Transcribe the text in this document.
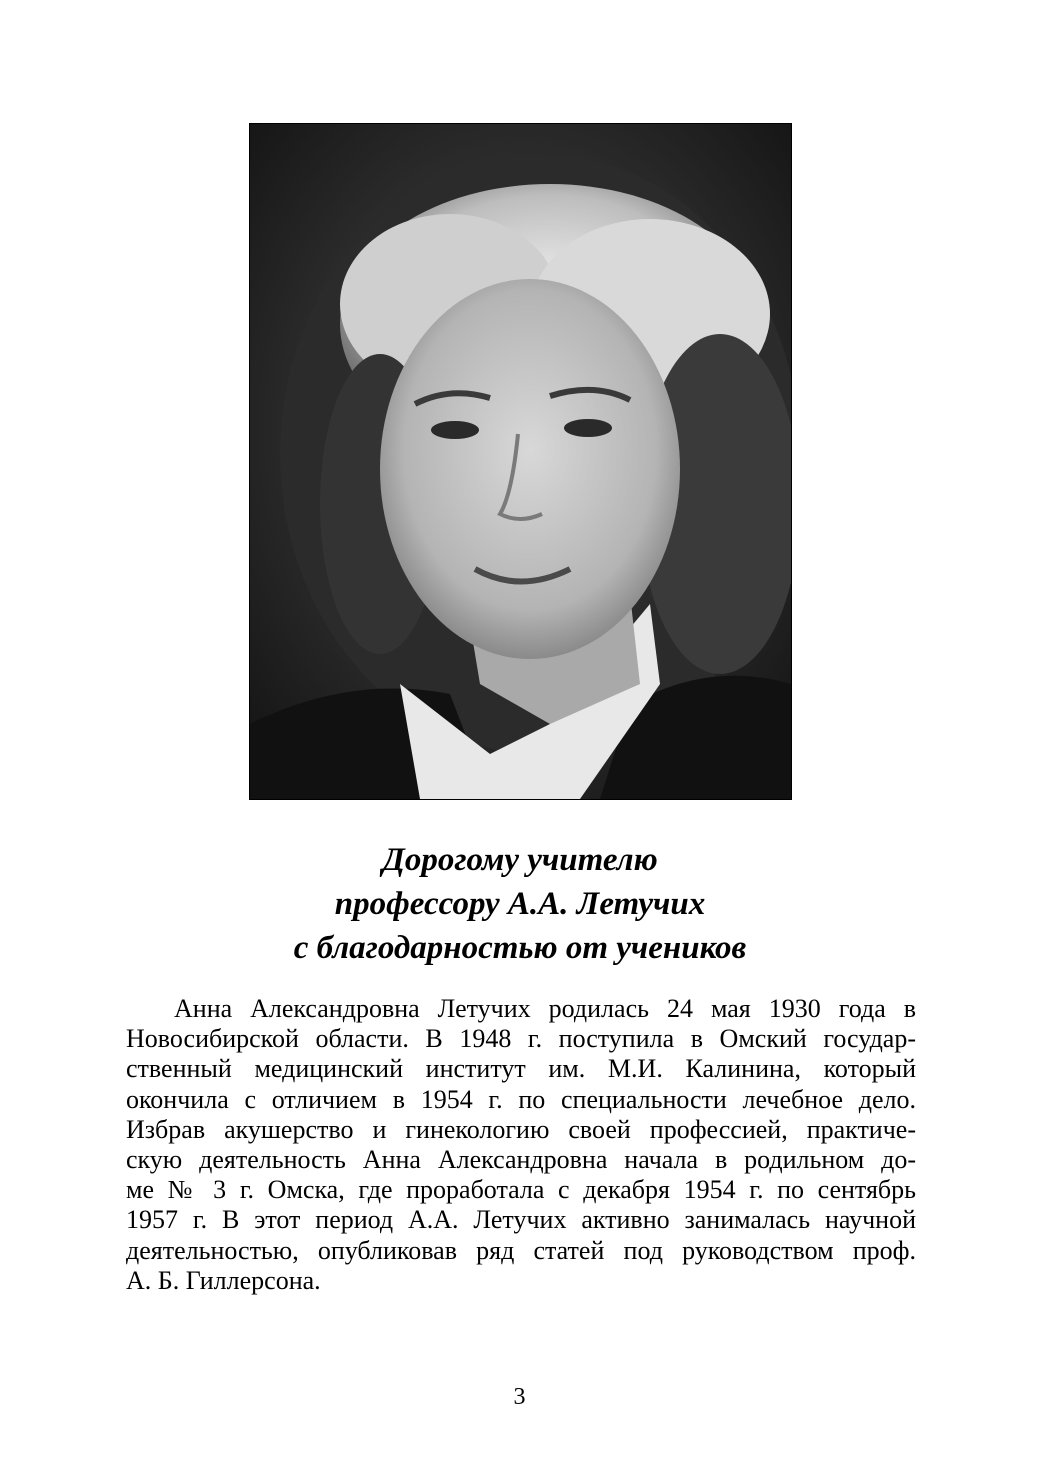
Дорогому учителю
профессору А.А. Летучих
с благодарностью от учеников
Анна Александровна Летучих родилась 24 мая 1930 года в
Новосибирской области. В 1948 г. поступила в Омский государ-
ственный медицинский институт им. М.И. Калинина, который
окончила с отличием в 1954 г. по специальности лечебное дело.
Избрав акушерство и гинекологию своей профессией, практиче-
скую деятельность Анна Александровна начала в родильном до-
ме № 3 г. Омска, где проработала с декабря 1954 г. по сентябрь
1957 г. В этот период А.А. Летучих активно занималась научной
деятельностью, опубликовав ряд статей под руководством проф.
А. Б. Гиллерсона.
3
